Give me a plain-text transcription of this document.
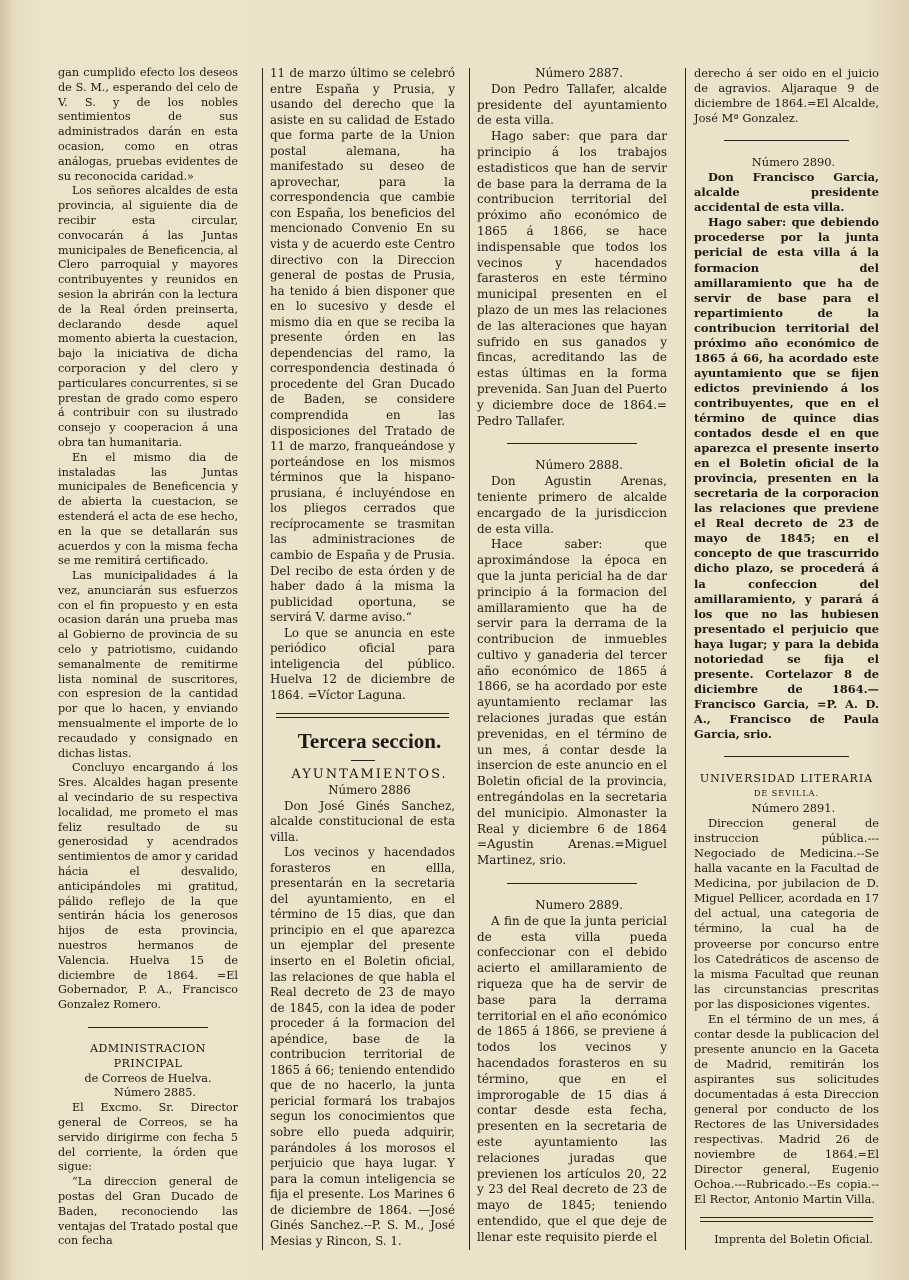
gan cumplido efecto los deseos de S. M., esperando del celo de V. S. y de los nobles sentimientos de sus administrados darán en esta ocasion, como en otras análogas, pruebas evidentes de su reconocida caridad.»

Los señores alcaldes de esta provincia, al siguiente dia de recibir esta circular, convocarán á las Juntas municipales de Beneficencia, al Clero parroquial y mayores contribuyentes y reunidos en sesion la abrirán con la lectura de la Real órden preinserta, declarando desde aquel momento abierta la cuestacion, bajo la iniciativa de dicha corporacion y del clero y particulares concurrentes, si se prestan de grado como espero á contribuir con su ilustrado consejo y cooperacion á una obra tan humanitaria.

En el mismo dia de instaladas las Juntas municipales de Beneficencia y de abierta la cuestacion, se estenderá el acta de ese hecho, en la que se detallarán sus acuerdos y con la misma fecha se me remitirá certificado.

Las municipalidades á la vez, anunciarán sus esfuerzos con el fin propuesto y en esta ocasion darán una prueba mas al Gobierno de provincia de su celo y patriotismo, cuidando semanalmente de remitirme lista nominal de suscritores, con espresion de la cantidad por que lo hacen, y enviando mensualmente el importe de lo recaudado y consignado en dichas listas.

Concluyo encargando á los Sres. Alcaldes hagan presente al vecindario de su respectiva localidad, me prometo el mas feliz resultado de su generosidad y acendrados sentimientos de amor y caridad hácia el desvalido, anticipándoles mi gratitud, pálido reflejo de la que sentirán hácia los generosos hijos de esta provincia, nuestros hermanos de Valencia. Huelva 15 de diciembre de 1864. =El Gobernador, P. A., Francisco Gonzalez Romero.

ADMINISTRACION PRINCIPAL

de Correos de Huelva.

Número 2885.

El Excmo. Sr. Director general de Correos, se ha servido dirigirme con fecha 5 del corriente, la órden que sigue:

“La direccion general de postas del Gran Ducado de Baden, reconociendo las ventajas del Tratado postal que con fecha

11 de marzo último se celebró entre España y Prusia, y usando del derecho que la asiste en su calidad de Estado que forma parte de la Union postal alemana, ha manifestado su deseo de aprovechar, para la correspondencia que cambie con España, los beneficios del mencionado Convenio En su vista y de acuerdo este Centro directivo con la Direccion general de postas de Prusia, ha tenido á bien disponer que en lo sucesivo y desde el mismo dia en que se reciba la presente órden en las dependencias del ramo, la correspondencia destinada ó procedente del Gran Ducado de Baden, se considere comprendida en las disposiciones del Tratado de 11 de marzo, franqueándose y porteándose en los mismos términos que la hispano-prusiana, é incluyéndose en los pliegos cerrados que recíprocamente se trasmitan las administraciones de cambio de España y de Prusia. Del recibo de esta órden y de haber dado á la misma la publicidad oportuna, se servirá V. darme aviso.“

Lo que se anuncia en este periódico oficial para inteligencia del público. Huelva 12 de diciembre de 1864. =Víctor Laguna.

Tercera seccion.

AYUNTAMIENTOS.

Número 2886

Don José Ginés Sanchez, alcalde constitucional de esta villa.

Los vecinos y hacendados forasteros en ellla, presentarán en la secretaria del ayuntamiento, en el término de 15 dias, que dan principio en el que aparezca un ejemplar del presente inserto en el Boletin oficial, las relaciones de que habla el Real decreto de 23 de mayo de 1845, con la idea de poder proceder á la formacion del apéndice, base de la contribucion territorial de 1865 á 66; teniendo entendido que de no hacerlo, la junta pericial formará los trabajos segun los conocimientos que sobre ello pueda adquirir, parándoles á los morosos el perjuicio que haya lugar. Y para la comun inteligencia se fija el presente. Los Marines 6 de diciembre de 1864. —José Ginés Sanchez.--P. S. M., José Mesias y Rincon, S. 1.

Número 2887.

Don Pedro Tallafer, alcalde presidente del ayuntamiento de esta villa.

Hago saber: que para dar principio á los trabajos estadisticos que han de servir de base para la derrama de la contribucion territorial del próximo año económico de 1865 á 1866, se hace indispensable que todos los vecinos y hacendados farasteros en este término municipal presenten en el plazo de un mes las relaciones de las alteraciones que hayan sufrido en sus ganados y fincas, acreditando las de estas últimas en la forma prevenida. San Juan del Puerto y diciembre doce de 1864.= Pedro Tallafer.

Número 2888.

Don Agustin Arenas, teniente primero de alcalde encargado de la jurisdiccion de esta villa.

Hace saber: que aproximándose la época en que la junta pericial ha de dar principio á la formacion del amillaramiento que ha de servir para la derrama de la contribucion de inmuebles cultivo y ganaderia del tercer año económico de 1865 á 1866, se ha acordado por este ayuntamiento reclamar las relaciones juradas que están prevenidas, en el término de un mes, á contar desde la insercion de este anuncio en el Boletin oficial de la provincia, entregándolas en la secretaria del municipio. Almonaster la Real y diciembre 6 de 1864 =Agustin Arenas.=Miguel Martinez, srio.

Numero 2889.

A fin de que la junta pericial de esta villa pueda confeccionar con el debido acierto el amillaramiento de riqueza que ha de servir de base para la derrama territorial en el año económico de 1865 á 1866, se previene á todos los vecinos y hacendados forasteros en su término, que en el improrogable de 15 dias á contar desde esta fecha, presenten en la secretaria de este ayuntamiento las relaciones juradas que previenen los artículos 20, 22 y 23 del Real decreto de 23 de mayo de 1845; teniendo entendido, que el que deje de llenar este requisito pierde el

derecho á ser oido en el juicio de agravios. Aljaraque 9 de diciembre de 1864.=El Alcalde, José Mª Gonzalez.

Número 2890.

Don Francisco Garcia, alcalde presidente accidental de esta villa.

Hago saber: que debiendo procederse por la junta pericial de esta villa á la formacion del amillaramiento que ha de servir de base para el repartimiento de la contribucion territorial del próximo año económico de 1865 á 66, ha acordado este ayuntamiento que se fijen edictos previniendo á los contribuyentes, que en el término de quince dias contados desde el en que aparezca el presente inserto en el Boletin oficial de la provincia, presenten en la secretaria de la corporacion las relaciones que previene el Real decreto de 23 de mayo de 1845; en el concepto de que trascurrido dicho plazo, se procederá á la confeccion del amillaramiento, y parará á los que no las hubiesen presentado el perjuicio que haya lugar; y para la debida notoriedad se fija el presente. Cortelazor 8 de diciembre de 1864.—Francisco Garcia, =P. A. D. A., Francisco de Paula Garcia, srio.

UNIVERSIDAD LITERARIA

DE SEVILLA.

Número 2891.

Direccion general de instruccion pública.---Negociado de Medicina.--Se halla vacante en la Facultad de Medicina, por jubilacion de D. Miguel Pellicer, acordada en 17 del actual, una categoria de término, la cual ha de proveerse por concurso entre los Catedráticos de ascenso de la misma Facultad que reunan las circunstancias prescritas por las disposiciones vigentes.

En el término de un mes, á contar desde la publicacion del presente anuncio en la Gaceta de Madrid, remitirán los aspirantes sus solicitudes documentadas á esta Direccion general por conducto de los Rectores de las Universidades respectivas. Madrid 26 de noviembre de 1864.=El Director general, Eugenio Ochoa.---Rubricado.--Es copia.--El Rector, Antonio Martin Villa.

Imprenta del Boletin Oficial.
